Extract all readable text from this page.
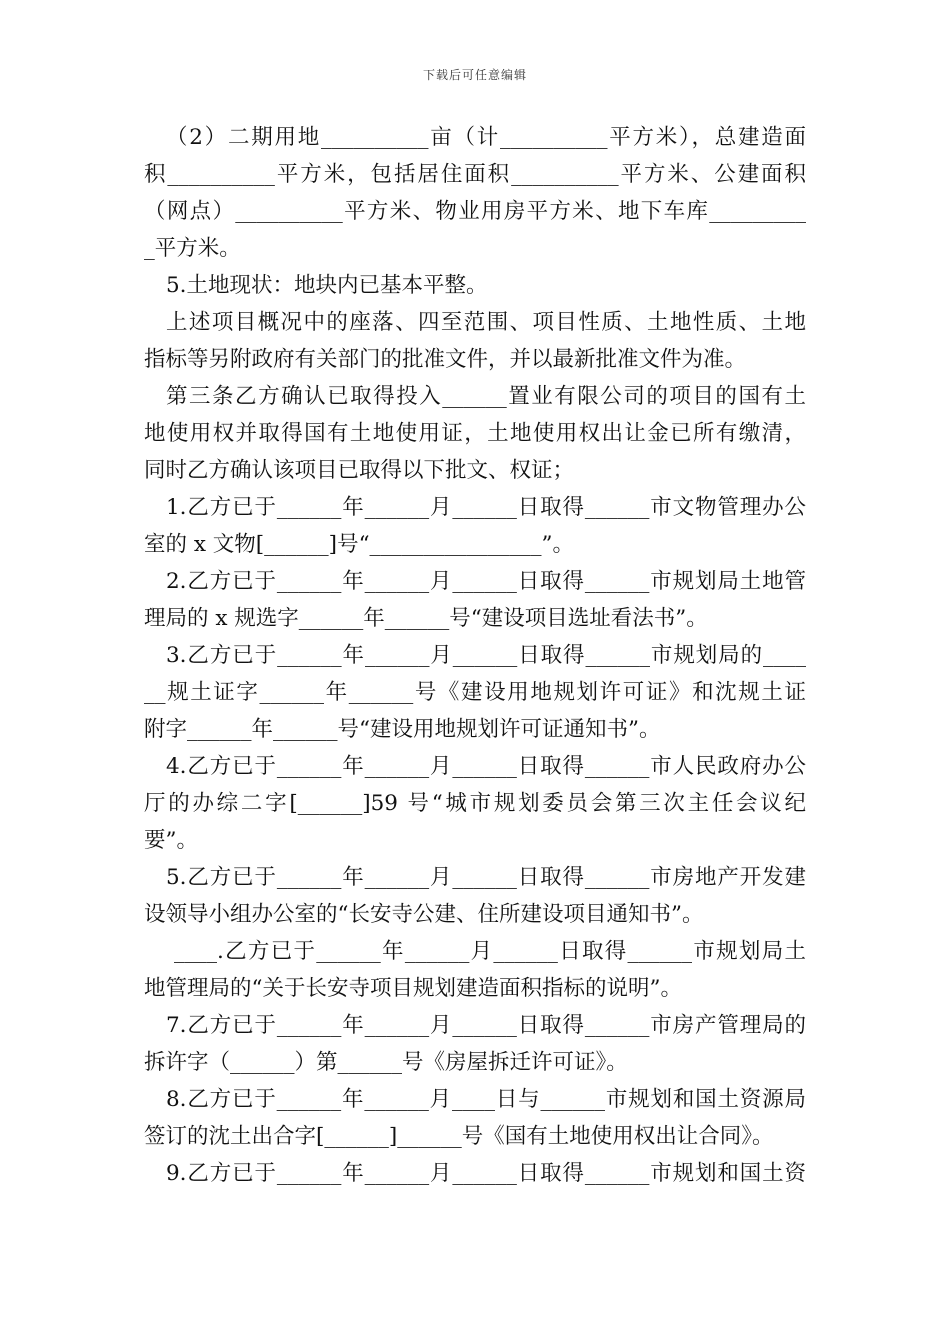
下载后可任意编辑
（2）二期用地__________亩（计__________平方米），总建造面
积__________平方米，包括居住面积__________平方米、公建面积
（网点）__________平方米、物业用房平方米、地下车库_________
_平方米。
5.土地现状：地块内已基本平整。
上述项目概况中的座落、四至范围、项目性质、土地性质、土地
指标等另附政府有关部门的批准文件，并以最新批准文件为准。
第三条乙方确认已取得投入______置业有限公司的项目的国有土
地使用权并取得国有土地使用证，土地使用权出让金已所有缴清，
同时乙方确认该项目已取得以下批文、权证；
1.乙方已于______年______月______日取得______市文物管理办公
室的 x 文物[______]号“________________”。
2.乙方已于______年______月______日取得______市规划局土地管
理局的 x 规选字______年______号“建设项目选址看法书”。
3.乙方已于______年______月______日取得______市规划局的____
__规土证字______年______号《建设用地规划许可证》和沈规土证
附字______年______号“建设用地规划许可证通知书”。
4.乙方已于______年______月______日取得______市人民政府办公
厅的办综二字[______]59 号“城市规划委员会第三次主任会议纪
要”。
5.乙方已于______年______月______日取得______市房地产开发建
设领导小组办公室的“长安寺公建、住所建设项目通知书”。
____.乙方已于______年______月______日取得______市规划局土
地管理局的“关于长安寺项目规划建造面积指标的说明”。
7.乙方已于______年______月______日取得______市房产管理局的
拆许字（______）第______号《房屋拆迁许可证》。
8.乙方已于______年______月____日与______市规划和国土资源局
签订的沈土出合字[______]______号《国有土地使用权出让合同》。
9.乙方已于______年______月______日取得______市规划和国土资
